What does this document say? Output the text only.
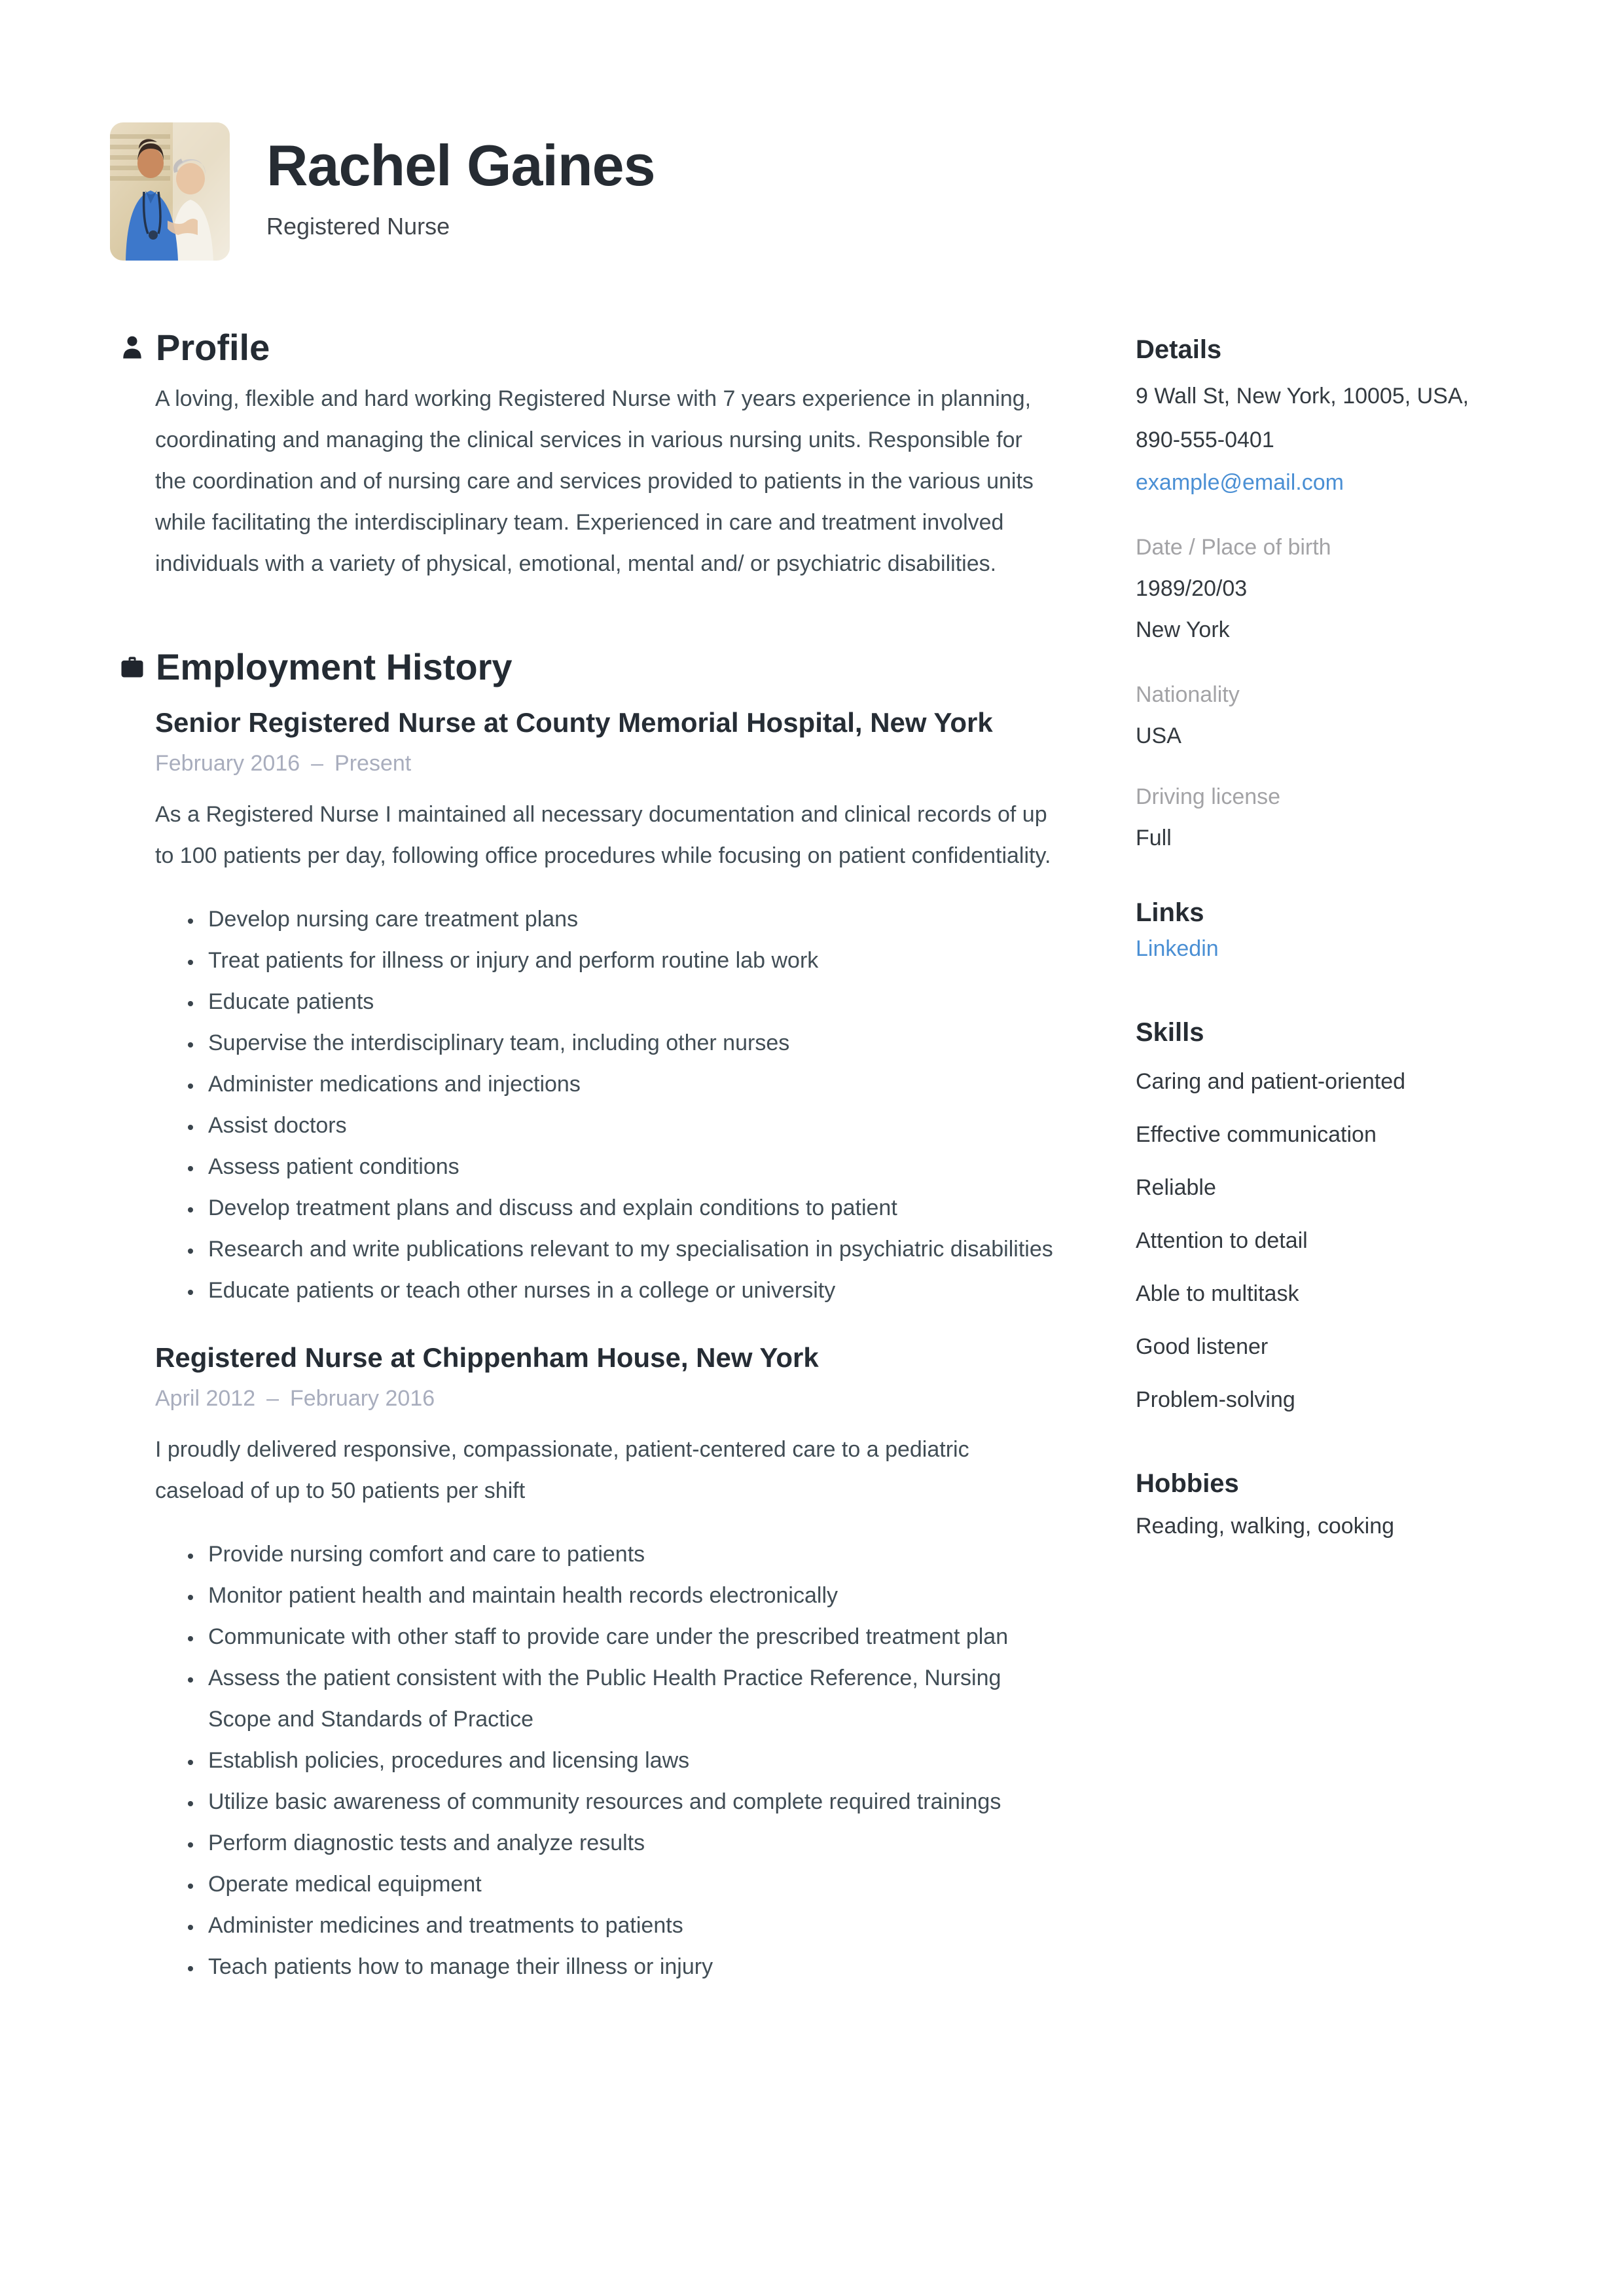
Rachel Gaines
Registered Nurse
Profile

A loving, flexible and hard working Registered Nurse with 7 years experience in planning, coordinating and managing the clinical services in various nursing units. Responsible for the coordination and of nursing care and services provided to patients in the various units while facilitating the interdisciplinary team. Experienced in care and treatment involved individuals with a variety of physical, emotional, mental and/ or psychiatric disabilities.

Employment History
Senior Registered Nurse at County Memorial Hospital, New York
February 2016 – Present

As a Registered Nurse I maintained all necessary documentation and clinical records of up to 100 patients per day, following office procedures while focusing on patient confidentiality.

• Develop nursing care treatment plans
• Treat patients for illness or injury and perform routine lab work
• Educate patients
• Supervise the interdisciplinary team, including other nurses
• Administer medications and injections
• Assist doctors
• Assess patient conditions
• Develop treatment plans and discuss and explain conditions to patient
• Research and write publications relevant to my specialisation in psychiatric disabilities
• Educate patients or teach other nurses in a college or university
Registered Nurse at Chippenham House, New York
April 2012 – February 2016

I proudly delivered responsive, compassionate, patient-centered care to a pediatric caseload of up to 50 patients per shift

• Provide nursing comfort and care to patients
• Monitor patient health and maintain health records electronically
• Communicate with other staff to provide care under the prescribed treatment plan
• Assess the patient consistent with the Public Health Practice Reference, Nursing Scope and Standards of Practice
• Establish policies, procedures and licensing laws
• Utilize basic awareness of community resources and complete required trainings
• Perform diagnostic tests and analyze results
• Operate medical equipment
• Administer medicines and treatments to patients
• Teach patients how to manage their illness or injury
Details
9 Wall St, New York, 10005, USA,
890-555-0401
example@email.com
Date / Place of birth
1989/20/03
New York
Nationality
USA
Driving license
Full
Links
Linkedin
Skills
Caring and patient-oriented
Effective communication
Reliable
Attention to detail
Able to multitask
Good listener
Problem-solving
Hobbies
Reading, walking, cooking
